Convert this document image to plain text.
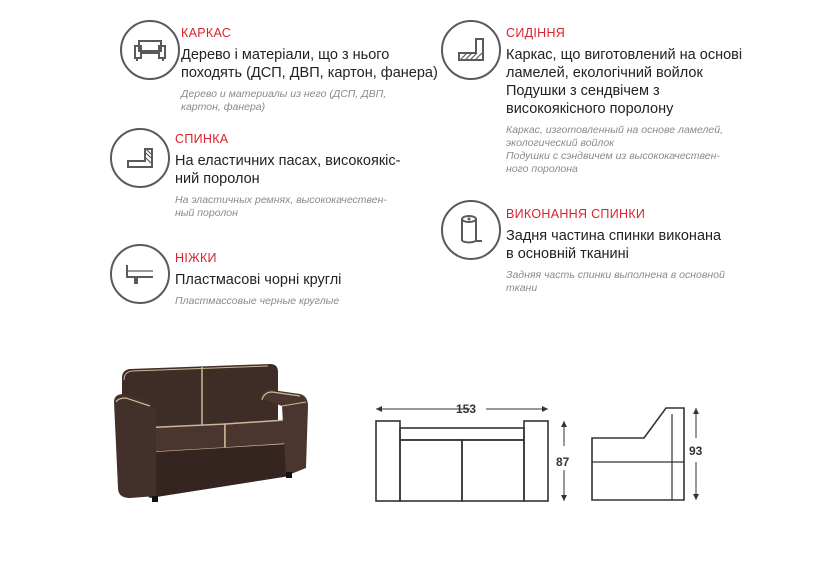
КАРКАС
Дерево і матеріали, що з нього
походять (ДСП, ДВП, картон, фанера)
Дерево и материалы из него (ДСП, ДВП,
картон, фанера)
СПИНКА
На еластичних пасах, високоякіс-
ний поролон
На эластичных ремнях, высококачествен-
ный поролон
НІЖКИ
Пластмасові чорні круглі
Пластмассовые черные круглые
СИДІННЯ
Каркас, що виготовлений на основі
ламелей, екологічний войлок
Подушки з сендвічем з
високоякісного поролону
Каркас, изготовленный на основе ламелей,
экологический войлок
Подушки с сэндвичем из высококачествен-
ного поролона
ВИКОНАННЯ СПИНКИ
Задня частина спинки виконана
в основній тканині
Задняя часть спинки выполнена в основной
ткани
153
87
93
